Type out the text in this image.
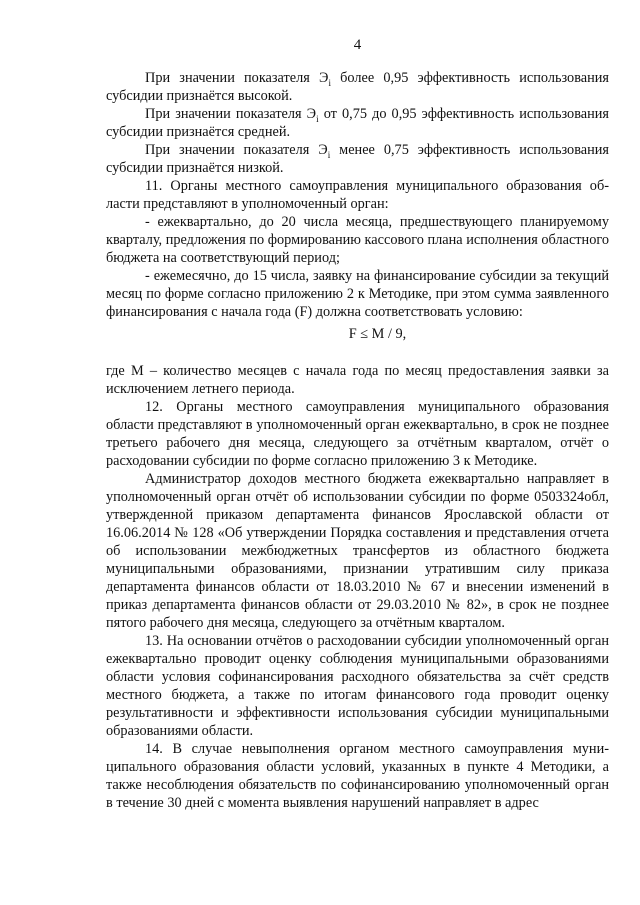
4

При значении показателя $Э_i$ более 0,95 эффективность использования субсидии признаётся высокой.

При значении показателя $Э_i$ от 0,75 до 0,95 эффективность использования субсидии признаётся средней.

При значении показателя $Э_i$ менее 0,75 эффективность использования субсидии признаётся низкой.

11. Органы местного самоуправления муниципального образования области представляют в уполномоченный орган:

- ежеквартально, до 20 числа месяца, предшествующего планируемому кварталу, предложения по формированию кассового плана исполнения областного бюджета на соответствующий период;

- ежемесячно, до 15 числа, заявку на финансирование субсидии за текущий месяц по форме согласно приложению 2 к Методике, при этом сумма заявленного финансирования с начала года (F) должна соответствовать условию:

F ≤ M / 9,

где М – количество месяцев с начала года по месяц предоставления заявки за исключением летнего периода.

12. Органы местного самоуправления муниципального образования области представляют в уполномоченный орган ежеквартально, в срок не позднее третьего рабочего дня месяца, следующего за отчётным кварталом, отчёт о расходовании субсидии по форме согласно приложению 3 к Методике.

Администратор доходов местного бюджета ежеквартально направляет в уполномоченный орган отчёт об использовании субсидии по форме 0503324обл, утвержденной приказом департамента финансов Ярославской области от 16.06.2014 № 128 «Об утверждении Порядка составления и представления отчета об использовании межбюджетных трансфертов из областного бюджета муниципальными образованиями, признании утратившим силу приказа департамента финансов области от 18.03.2010 № 67 и внесении изменений в приказ департамента финансов области от 29.03.2010 № 82», в срок не позднее пятого рабочего дня месяца, следующего за отчётным кварталом.

13. На основании отчётов о расходовании субсидии уполномоченный орган ежеквартально проводит оценку соблюдения муниципальными образованиями области условия софинансирования расходного обязательства за счёт средств местного бюджета, а также по итогам финансового года проводит оценку результативности и эффективности использования субсидии муниципальными образованиями области.

14. В случае невыполнения органом местного самоуправления муниципального образования области условий, указанных в пункте 4 Методики, а также несоблюдения обязательств по софинансированию уполномоченный орган в течение 30 дней с момента выявления нарушений направляет в адрес
